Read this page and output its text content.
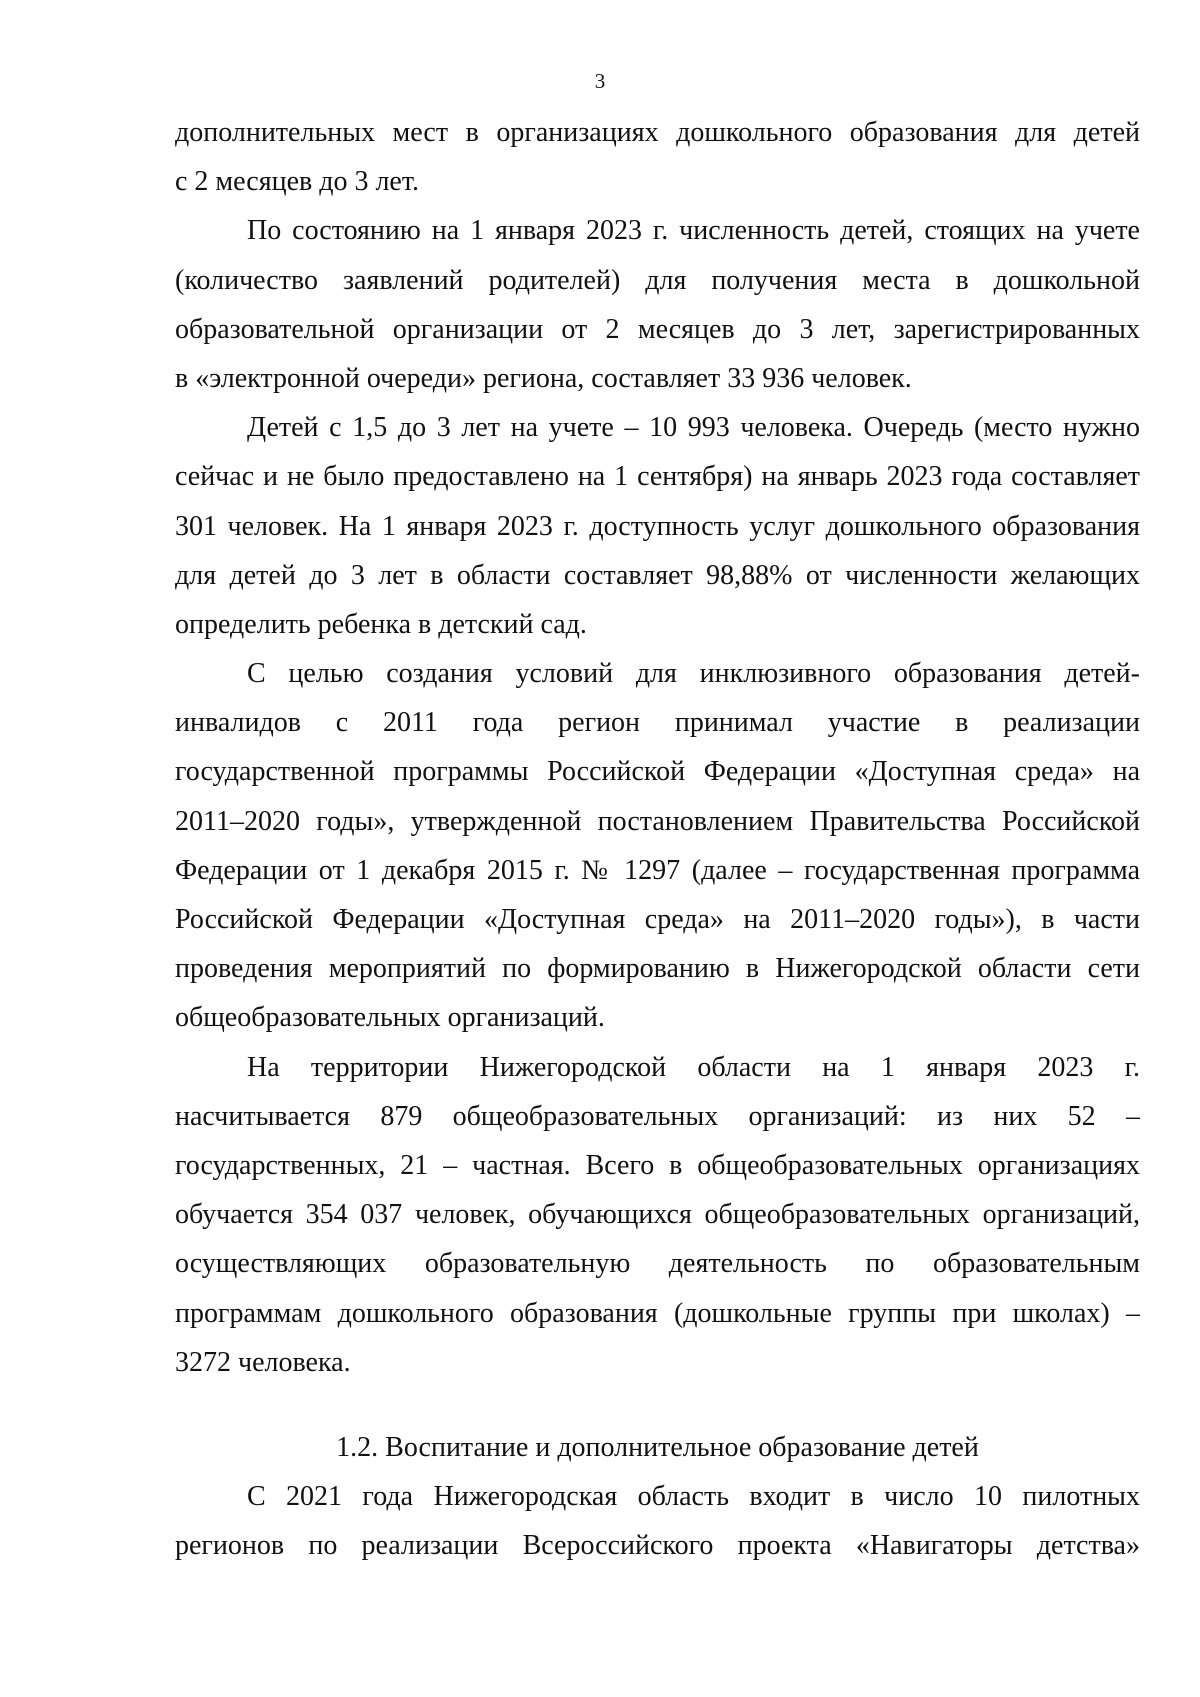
3
дополнительных мест в организациях дошкольного образования для детей
с 2 месяцев до 3 лет.
По состоянию на 1 января 2023 г. численность детей, стоящих на учете
(количество заявлений родителей) для получения места в дошкольной
образовательной организации от 2 месяцев до 3 лет, зарегистрированных
в «электронной очереди» региона, составляет 33 936 человек.
Детей с 1,5 до 3 лет на учете – 10 993 человека. Очередь (место нужно
сейчас и не было предоставлено на 1 сентября) на январь 2023 года составляет
301 человек. На 1 января 2023 г. доступность услуг дошкольного образования
для детей до 3 лет в области составляет 98,88% от численности желающих
определить ребенка в детский сад.
С целью создания условий для инклюзивного образования детей-
инвалидов с 2011 года регион принимал участие в реализации
государственной программы Российской Федерации «Доступная среда» на
2011–2020 годы», утвержденной постановлением Правительства Российской
Федерации от 1 декабря 2015 г. № 1297 (далее – государственная программа
Российской Федерации «Доступная среда» на 2011–2020 годы»), в части
проведения мероприятий по формированию в Нижегородской области сети
общеобразовательных организаций.
На территории Нижегородской области на 1 января 2023 г.
насчитывается 879 общеобразовательных организаций: из них 52 –
государственных, 21 – частная. Всего в общеобразовательных организациях
обучается 354 037 человек, обучающихся общеобразовательных организаций,
осуществляющих образовательную деятельность по образовательным
программам дошкольного образования (дошкольные группы при школах) –
3272 человека.
1.2. Воспитание и дополнительное образование детей
С 2021 года Нижегородская область входит в число 10 пилотных
регионов по реализации Всероссийского проекта «Навигаторы детства»
